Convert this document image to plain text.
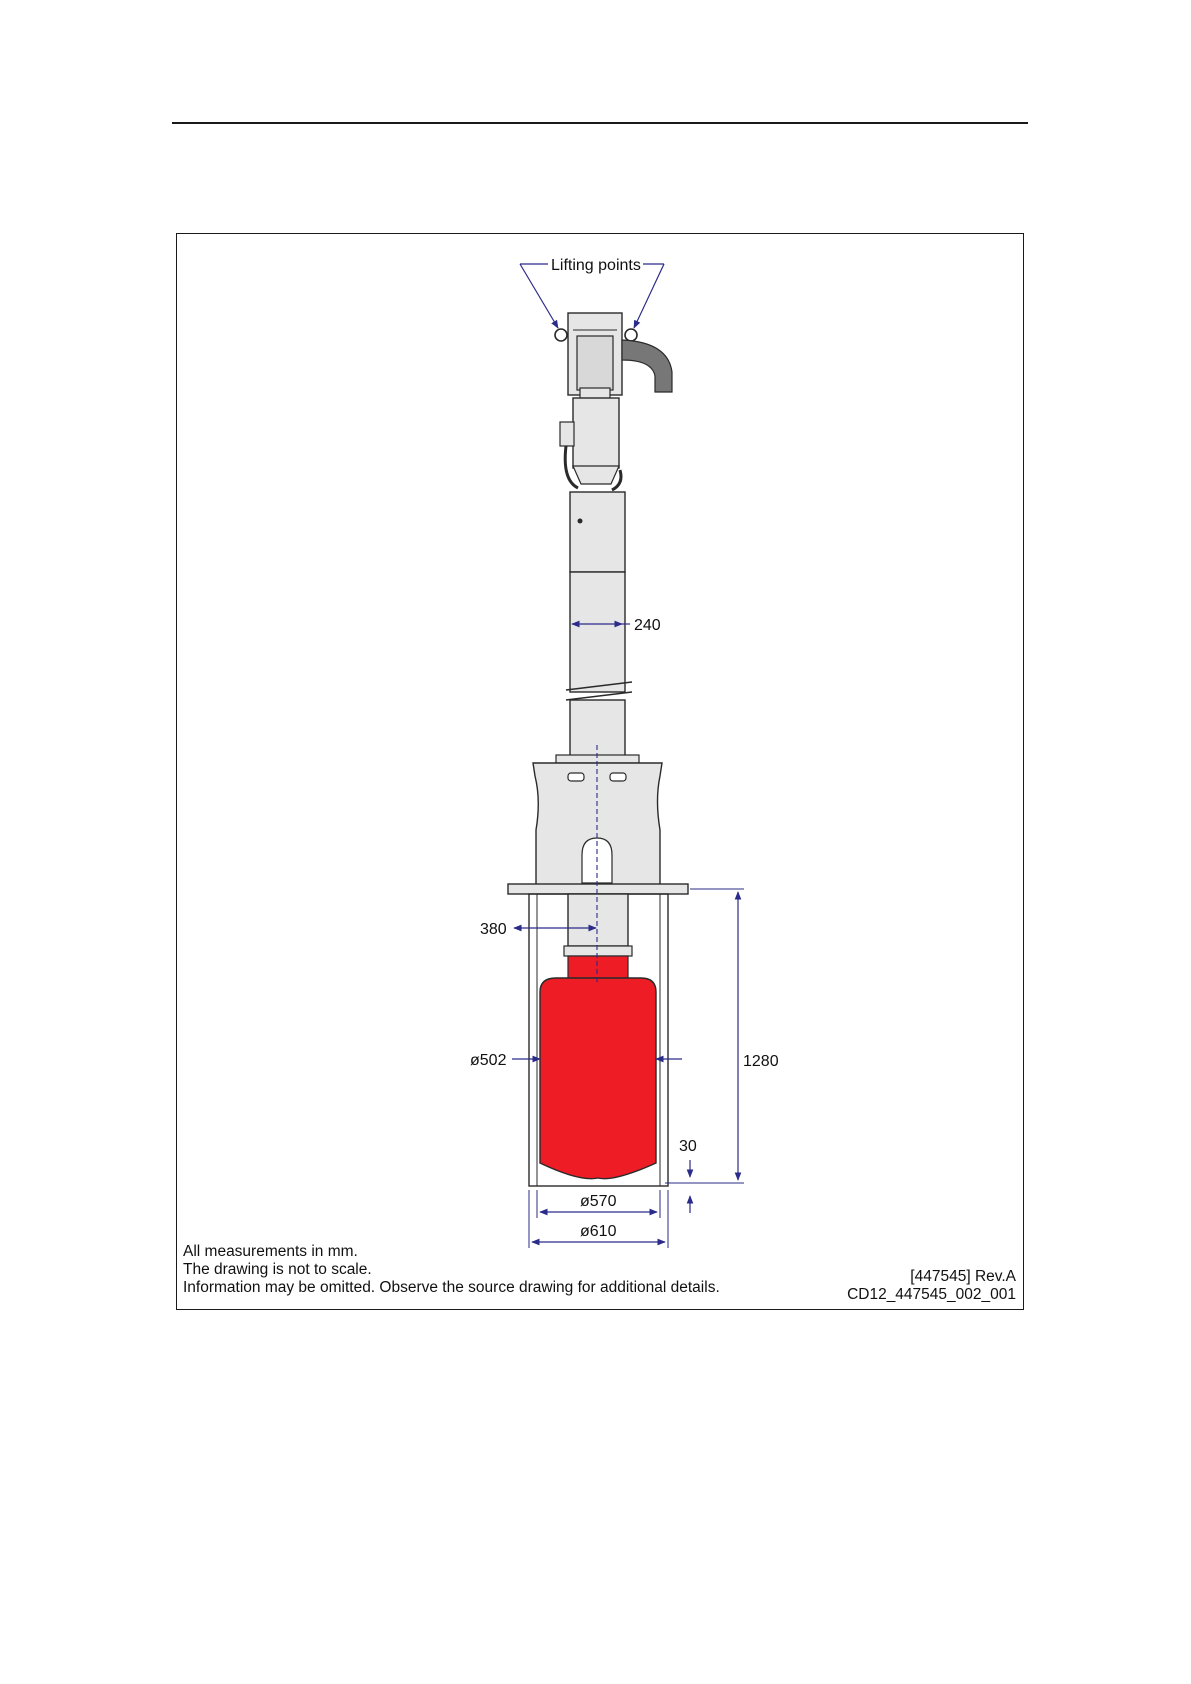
Lifting points
240
380
ø502	1280
30
ø570
ø610
All measurements in mm.
The drawing is not to scale.
Information may be omitted. Observe the source drawing for additional details.
[447545] Rev.A
CD12_447545_002_001
